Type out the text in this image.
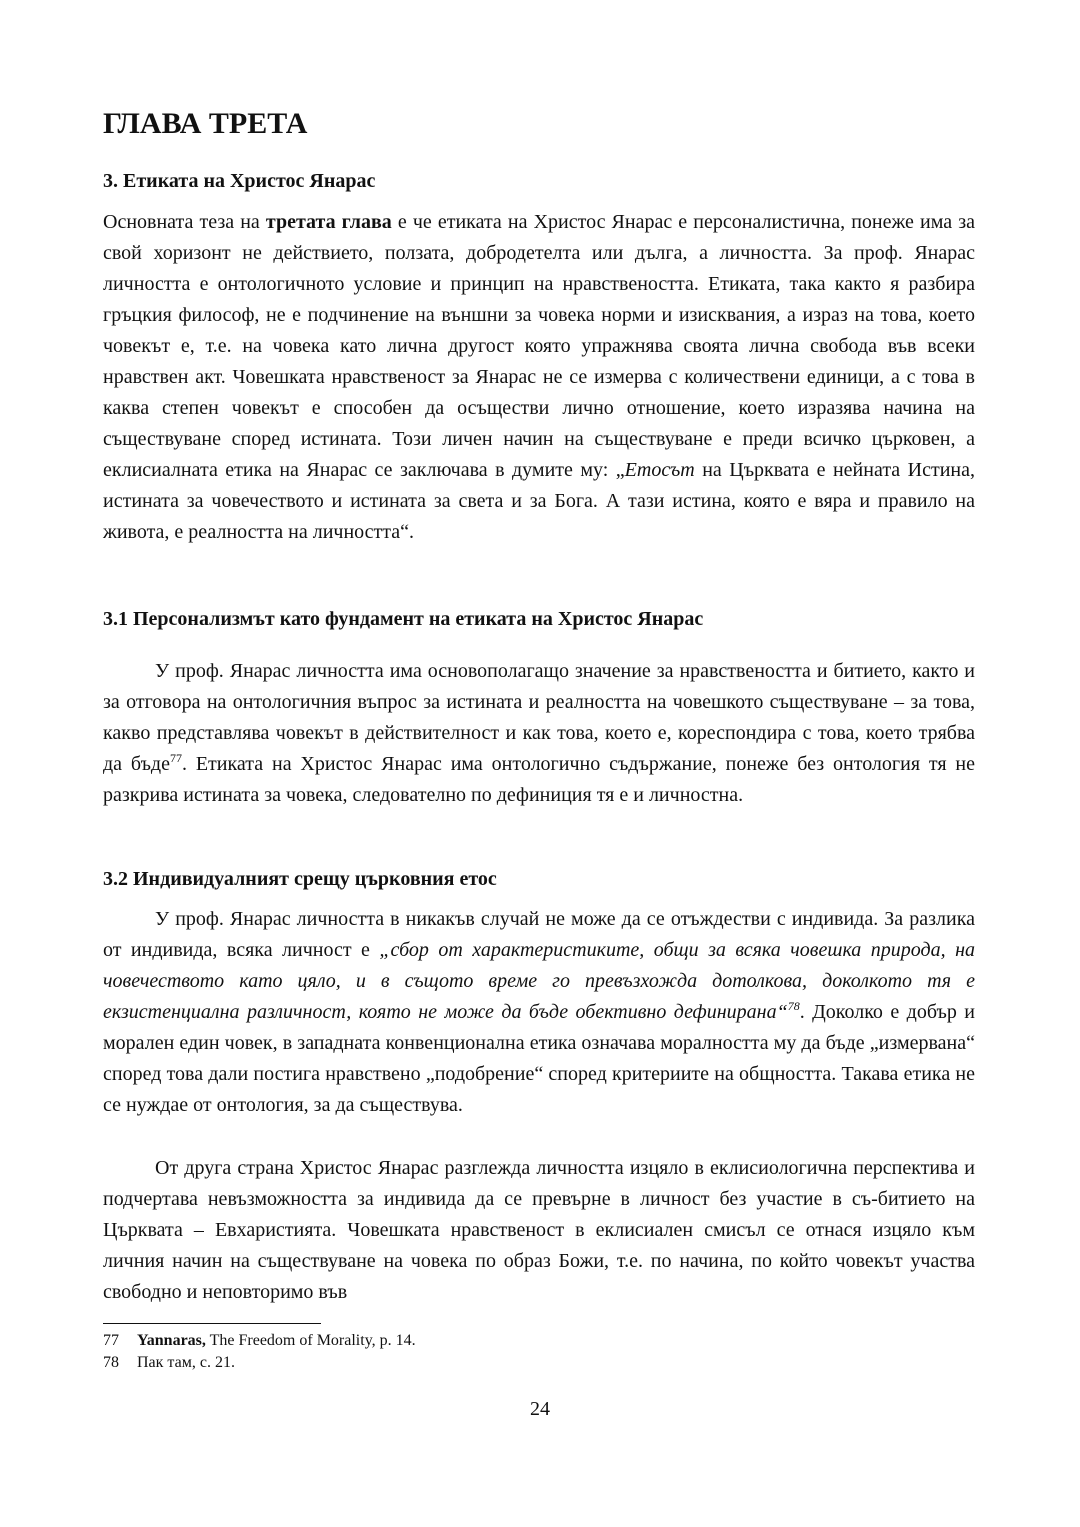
ГЛАВА ТРЕТА
3. Етиката на Христос Янарас

Основната теза на третата глава е че етиката на Христос Янарас е персоналистична, понеже има за свой хоризонт не действието, ползата, добродетелта или дълга, а личността. За проф. Янарас личността е онтологичното условие и принцип на нравствеността. Етиката, така както я разбира гръцкия философ, не е подчинение на външни за човека норми и изисквания, а израз на това, което човекът е, т.е. на човека като лична другост която упражнява своята лична свобода във всеки нравствен акт. Човешката нравственост за Янарас не се измерва с количествени единици, а с това в каква степен човекът е способен да осъществи лично отношение, което изразява начина на съществуване според истината. Този личен начин на съществуване е преди всичко църковен, а еклисиалната етика на Янарас се заключава в думите му: „Етосът на Църквата е нейната Истина, истината за човечеството и истината за света и за Бога. А тази истина, която е вяра и правило на живота, е реалността на личността“.

3.1 Персонализмът като фундамент на етиката на Христос Янарас

У проф. Янарас личността има основополагащо значение за нравствеността и битието, както и за отговора на онтологичния въпрос за истината и реалността на човешкото съществуване – за това, какво представлява човекът в действителност и как това, което е, кореспондира с това, което трябва да бъде$^{77}$. Етиката на Христос Янарас има онтологично съдържание, понеже без онтология тя не разкрива истината за човека, следователно по дефиниция тя е и личностна.

3.2 Индивидуалният срещу църковния етос

У проф. Янарас личността в никакъв случай не може да се отъждестви с индивида. За разлика от индивида, всяка личност е „сбор от характеристиките, общи за всяка човешка природа, на човечеството като цяло, и в същото време го превъзхожда дотолкова, доколкото тя е екзистенциална различност, която не може да бъде обективно дефинирана“$^{78}$. Доколко е добър и морален един човек, в западната конвенционална етика означава моралността му да бъде „измервана“ според това дали постига нравствено „подобрение“ според критериите на общността. Такава етика не се нуждае от онтология, за да съществува.

От друга страна Христос Янарас разглежда личността изцяло в еклисиологична перспектива и подчертава невъзможността за индивида да се превърне в личност без участие в съ-битието на Църквата – Евхаристията. Човешката нравственост в еклисиален смисъл се отнася изцяло към личния начин на съществуване на човека по образ Божи, т.е. по начина, по който човекът участва свободно и неповторимо във

77 Yannaras, The Freedom of Morality, p. 14.
78 Пак там, с. 21.
24
